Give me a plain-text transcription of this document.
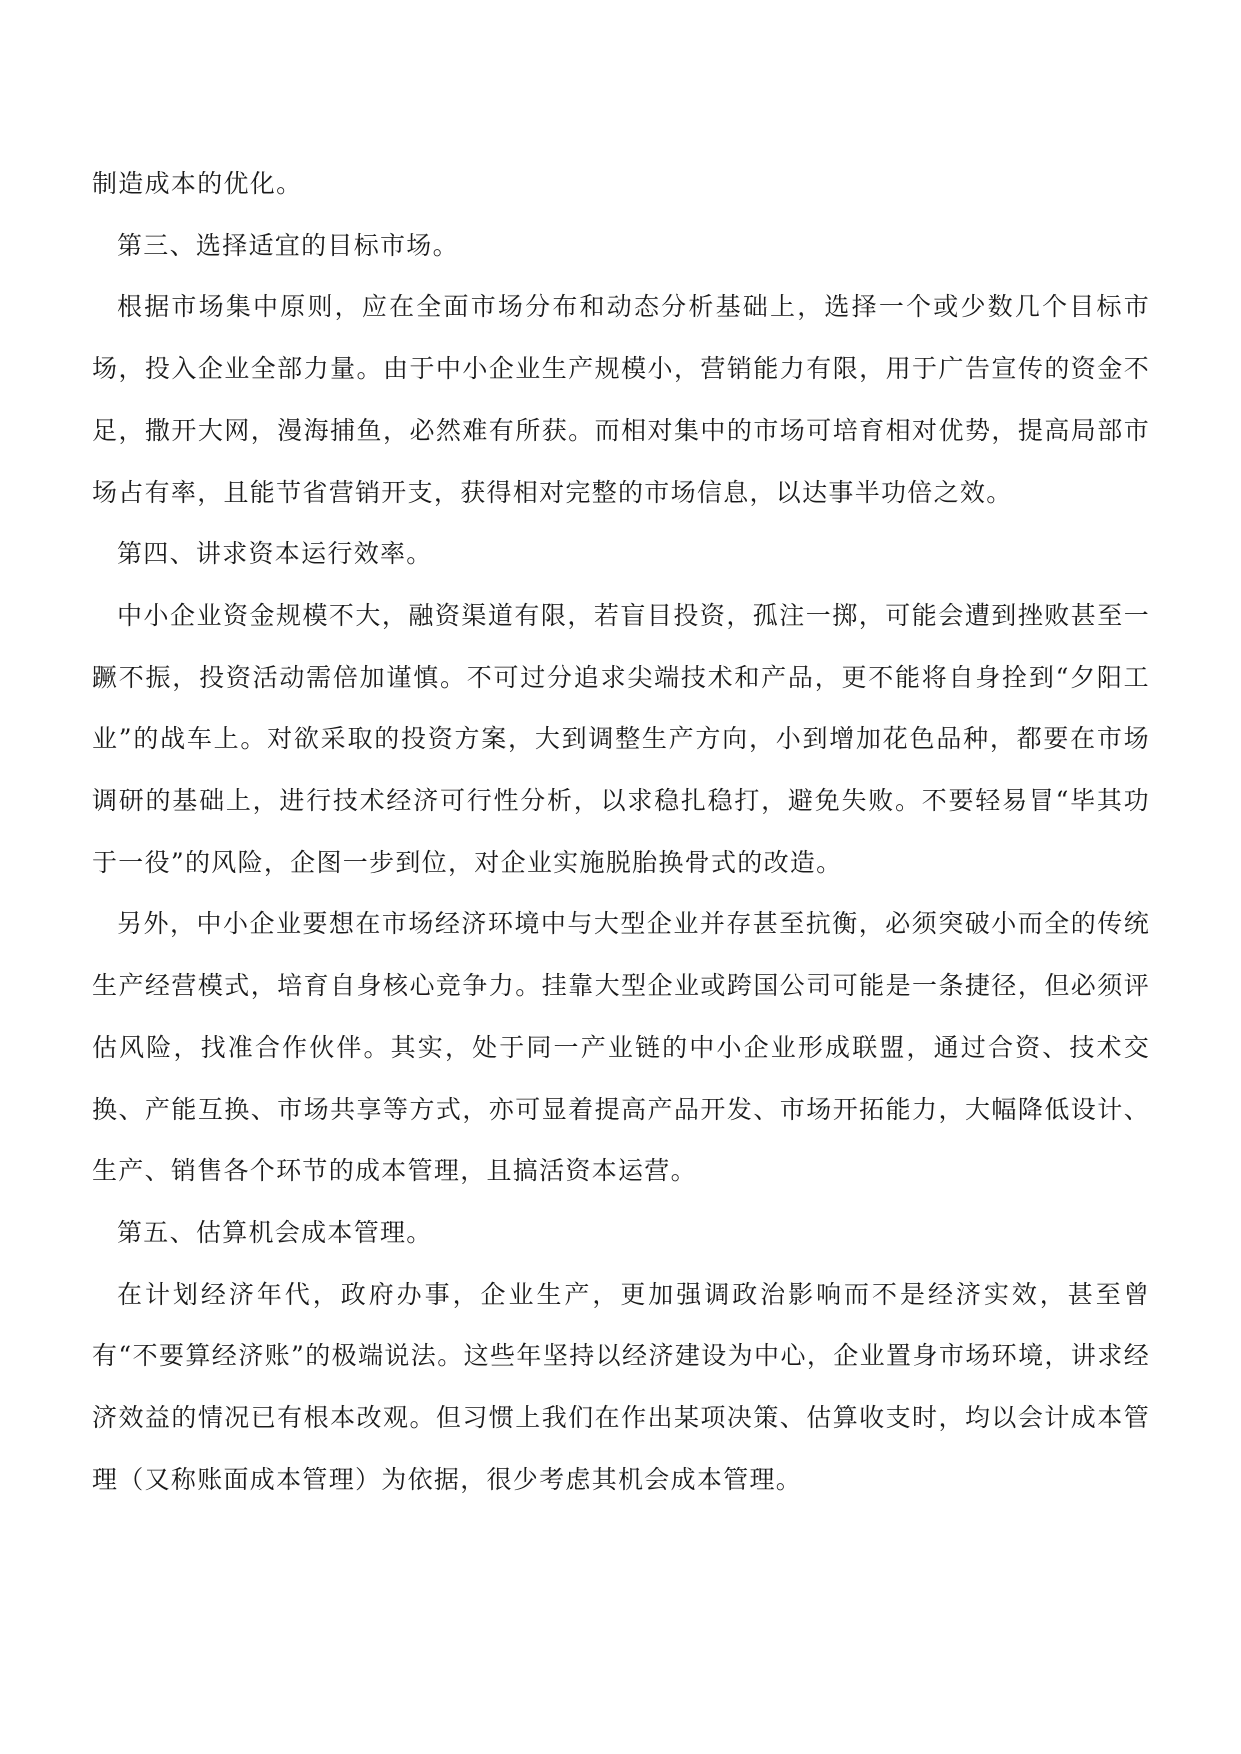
制造成本的优化。

第三、选择适宜的目标市场。

根据市场集中原则，应在全面市场分布和动态分析基础上，选择一个或少数几个目标市场，投入企业全部力量。由于中小企业生产规模小，营销能力有限，用于广告宣传的资金不足，撒开大网，漫海捕鱼，必然难有所获。而相对集中的市场可培育相对优势，提高局部市场占有率，且能节省营销开支，获得相对完整的市场信息，以达事半功倍之效。

第四、讲求资本运行效率。

中小企业资金规模不大，融资渠道有限，若盲目投资，孤注一掷，可能会遭到挫败甚至一蹶不振，投资活动需倍加谨慎。不可过分追求尖端技术和产品，更不能将自身拴到“夕阳工业”的战车上。对欲采取的投资方案，大到调整生产方向，小到增加花色品种，都要在市场调研的基础上，进行技术经济可行性分析，以求稳扎稳打，避免失败。不要轻易冒“毕其功于一役”的风险，企图一步到位，对企业实施脱胎换骨式的改造。

另外，中小企业要想在市场经济环境中与大型企业并存甚至抗衡，必须突破小而全的传统生产经营模式，培育自身核心竞争力。挂靠大型企业或跨国公司可能是一条捷径，但必须评估风险，找准合作伙伴。其实，处于同一产业链的中小企业形成联盟，通过合资、技术交换、产能互换、市场共享等方式，亦可显着提高产品开发、市场开拓能力，大幅降低设计、生产、销售各个环节的成本管理，且搞活资本运营。

第五、估算机会成本管理。

在计划经济年代，政府办事，企业生产，更加强调政治影响而不是经济实效，甚至曾有“不要算经济账”的极端说法。这些年坚持以经济建设为中心，企业置身市场环境，讲求经济效益的情况已有根本改观。但习惯上我们在作出某项决策、估算收支时，均以会计成本管理（又称账面成本管理）为依据，很少考虑其机会成本管理。
